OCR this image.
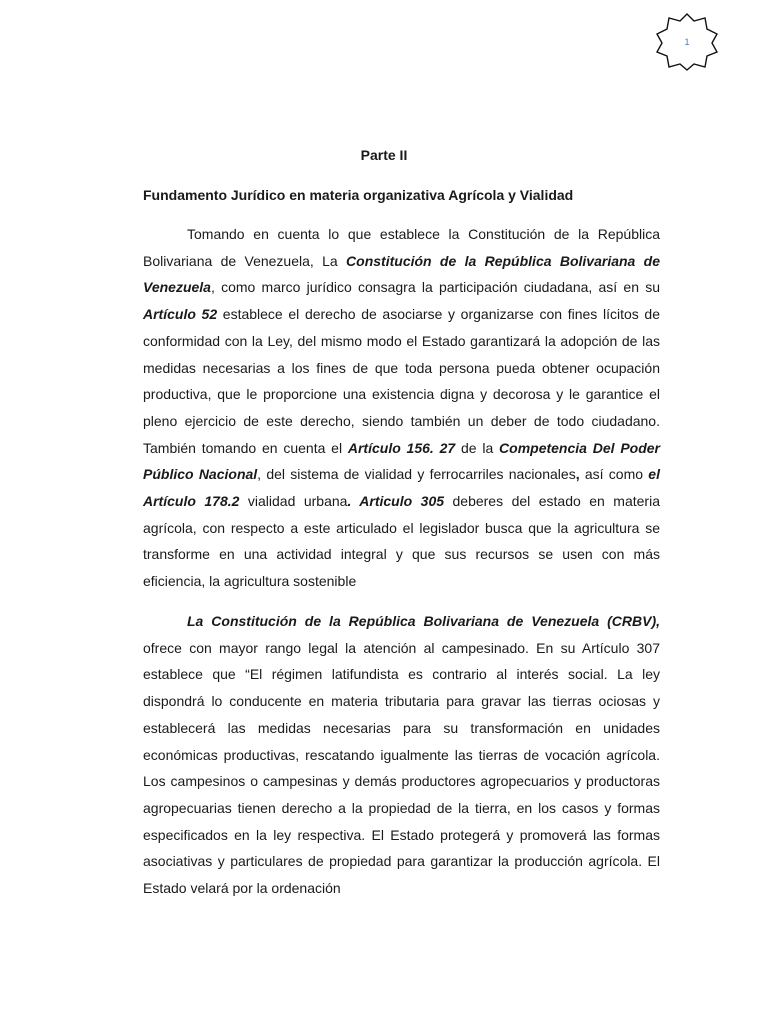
1
Parte II
Fundamento Jurídico en materia organizativa Agrícola y Vialidad

Tomando en cuenta lo que establece la Constitución de la República Bolivariana de Venezuela, La Constitución de la República Bolivariana de Venezuela, como marco jurídico consagra la participación ciudadana, así en su Artículo 52 establece el derecho de asociarse y organizarse con fines lícitos de conformidad con la Ley, del mismo modo el Estado garantizará la adopción de las medidas necesarias a los fines de que toda persona pueda obtener ocupación productiva, que le proporcione una existencia digna y decorosa y le garantice el pleno ejercicio de este derecho, siendo también un deber de todo ciudadano. También tomando en cuenta el Artículo 156. 27 de la Competencia Del Poder Público Nacional, del sistema de vialidad y ferrocarriles nacionales, así como el Artículo 178.2 vialidad urbana. Articulo 305 deberes del estado en materia agrícola, con respecto a este articulado el legislador busca que la agricultura se transforme en una actividad integral y que sus recursos se usen con más eficiencia, la agricultura sostenible

La Constitución de la República Bolivariana de Venezuela (CRBV), ofrece con mayor rango legal la atención al campesinado. En su Artículo 307 establece que “El régimen latifundista es contrario al interés social. La ley dispondrá lo conducente en materia tributaria para gravar las tierras ociosas y establecerá las medidas necesarias para su transformación en unidades económicas productivas, rescatando igualmente las tierras de vocación agrícola. Los campesinos o campesinas y demás productores agropecuarios y productoras agropecuarias tienen derecho a la propiedad de la tierra, en los casos y formas especificados en la ley respectiva. El Estado protegerá y promoverá las formas asociativas y particulares de propiedad para garantizar la producción agrícola. El Estado velará por la ordenación
